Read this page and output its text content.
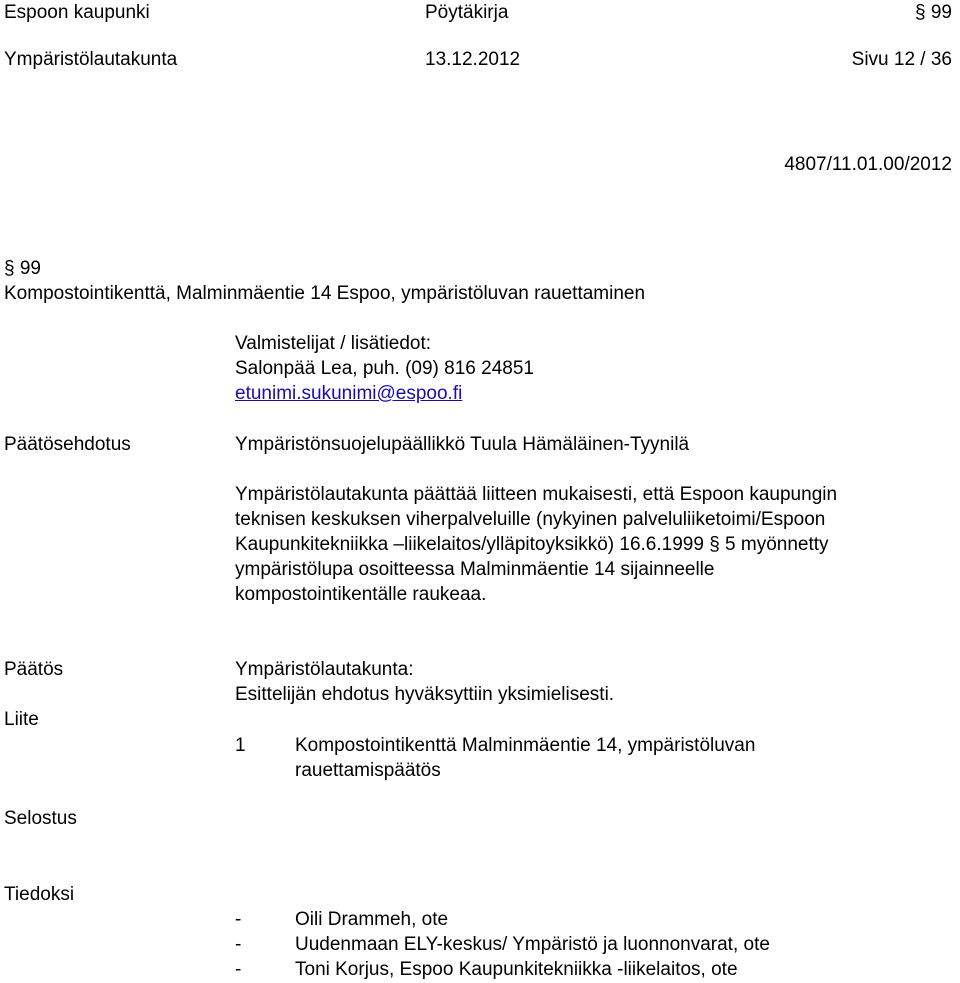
Espoon kaupunki	Pöytäkirja	§ 99
Ympäristölautakunta	13.12.2012	Sivu 12 / 36
4807/11.01.00/2012
§ 99
Kompostointikenttä, Malminmäentie 14 Espoo, ympäristöluvan rauettaminen
Valmistelijat / lisätiedot:
Salonpää Lea, puh. (09) 816 24851
etunimi.sukunimi@espoo.fi
Päätösehdotus	Ympäristönsuojelupäällikkö Tuula Hämäläinen-Tyynilä
Ympäristölautakunta päättää liitteen mukaisesti, että Espoon kaupungin
teknisen keskuksen viherpalveluille (nykyinen palveluliiketoimi/Espoon
Kaupunkitekniikka –liikelaitos/ylläpitoyksikkö) 16.6.1999 § 5 myönnetty
ympäristölupa osoitteessa Malminmäentie 14 sijainneelle
kompostointikentälle raukeaa.
Päätös	Ympäristölautakunta:
Esittelijän ehdotus hyväksyttiin yksimielisesti.
Liite
1	Kompostointikenttä Malminmäentie 14, ympäristöluvan
rauettamispäätös
Selostus
Tiedoksi
-	Oili Drammeh, ote
-	Uudenmaan ELY-keskus/ Ympäristö ja luonnonvarat, ote
-	Toni Korjus, Espoo Kaupunkitekniikka -liikelaitos, ote
